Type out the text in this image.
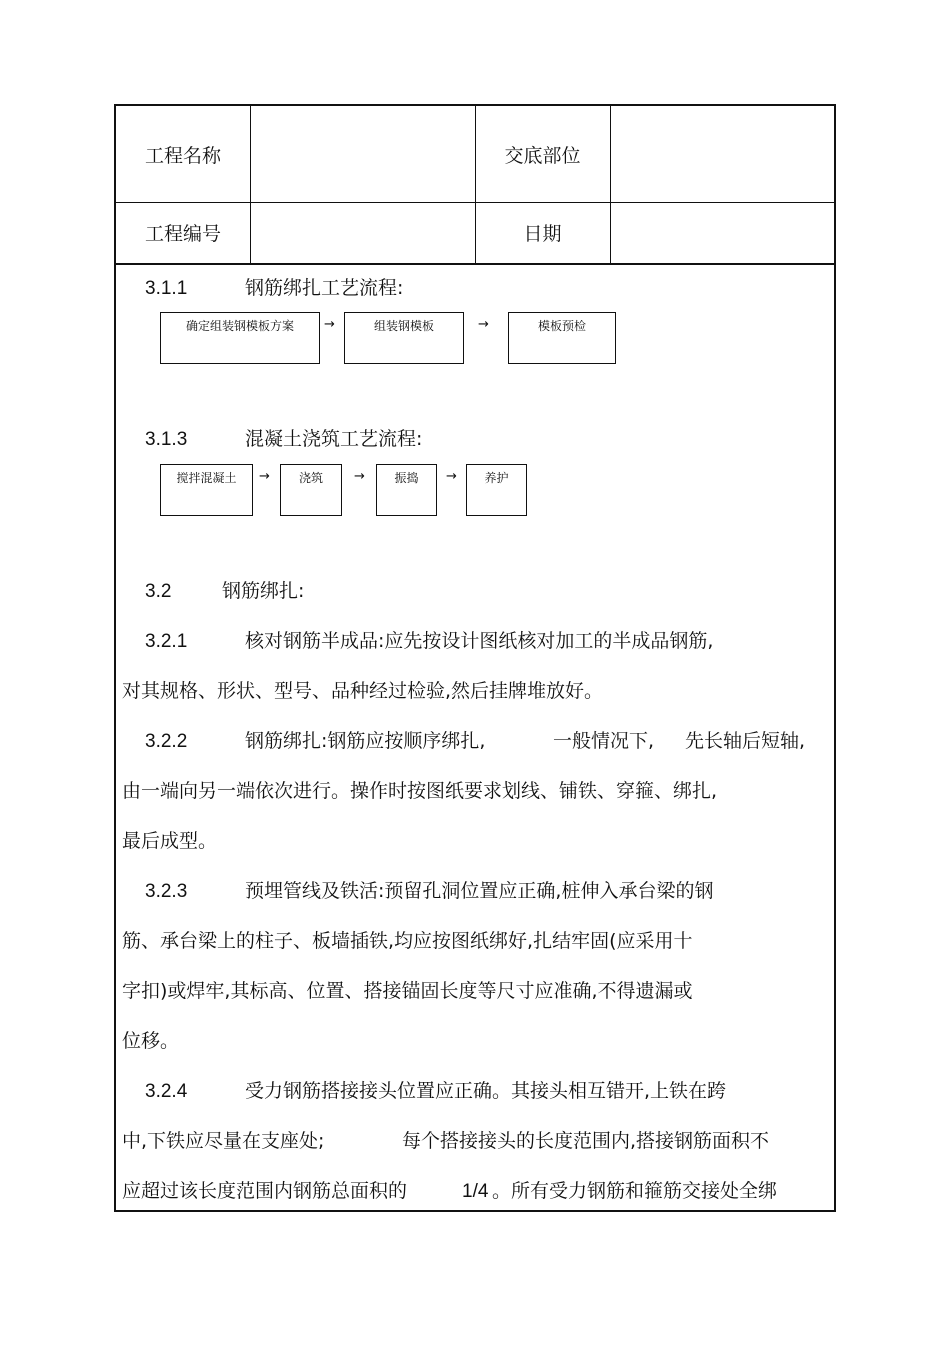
工程名称	交底部位
工程编号	日期
3.1.1	钢筋绑扎工艺流程:
确定组装钢模板方案	→	组装钢模板	→	模板预检
3.1.3	混凝土浇筑工艺流程:
搅拌混凝土	→	浇筑	→	振捣	→	养护
3.2	钢筋绑扎:
3.2.1	核对钢筋半成品:应先按设计图纸核对加工的半成品钢筋,
对其规格、形状、型号、品种经过检验,然后挂牌堆放好。
3.2.2	钢筋绑扎:钢筋应按顺序绑扎,	一般情况下, 先长轴后短轴,
由一端向另一端依次进行。操作时按图纸要求划线、铺铁、穿箍、绑扎,
最后成型。
3.2.3	预埋管线及铁活:预留孔洞位置应正确,桩伸入承台梁的钢
筋、承台梁上的柱子、板墙插铁,均应按图纸绑好,扎结牢固(应采用十
字扣)或焊牢,其标高、位置、搭接锚固长度等尺寸应准确,不得遗漏或
位移。
3.2.4	受力钢筋搭接接头位置应正确。其接头相互错开,上铁在跨
中,下铁应尽量在支座处;	每个搭接接头的长度范围内,搭接钢筋面积不
应超过该长度范围内钢筋总面积的	1/4 。所有受力钢筋和箍筋交接处全绑
